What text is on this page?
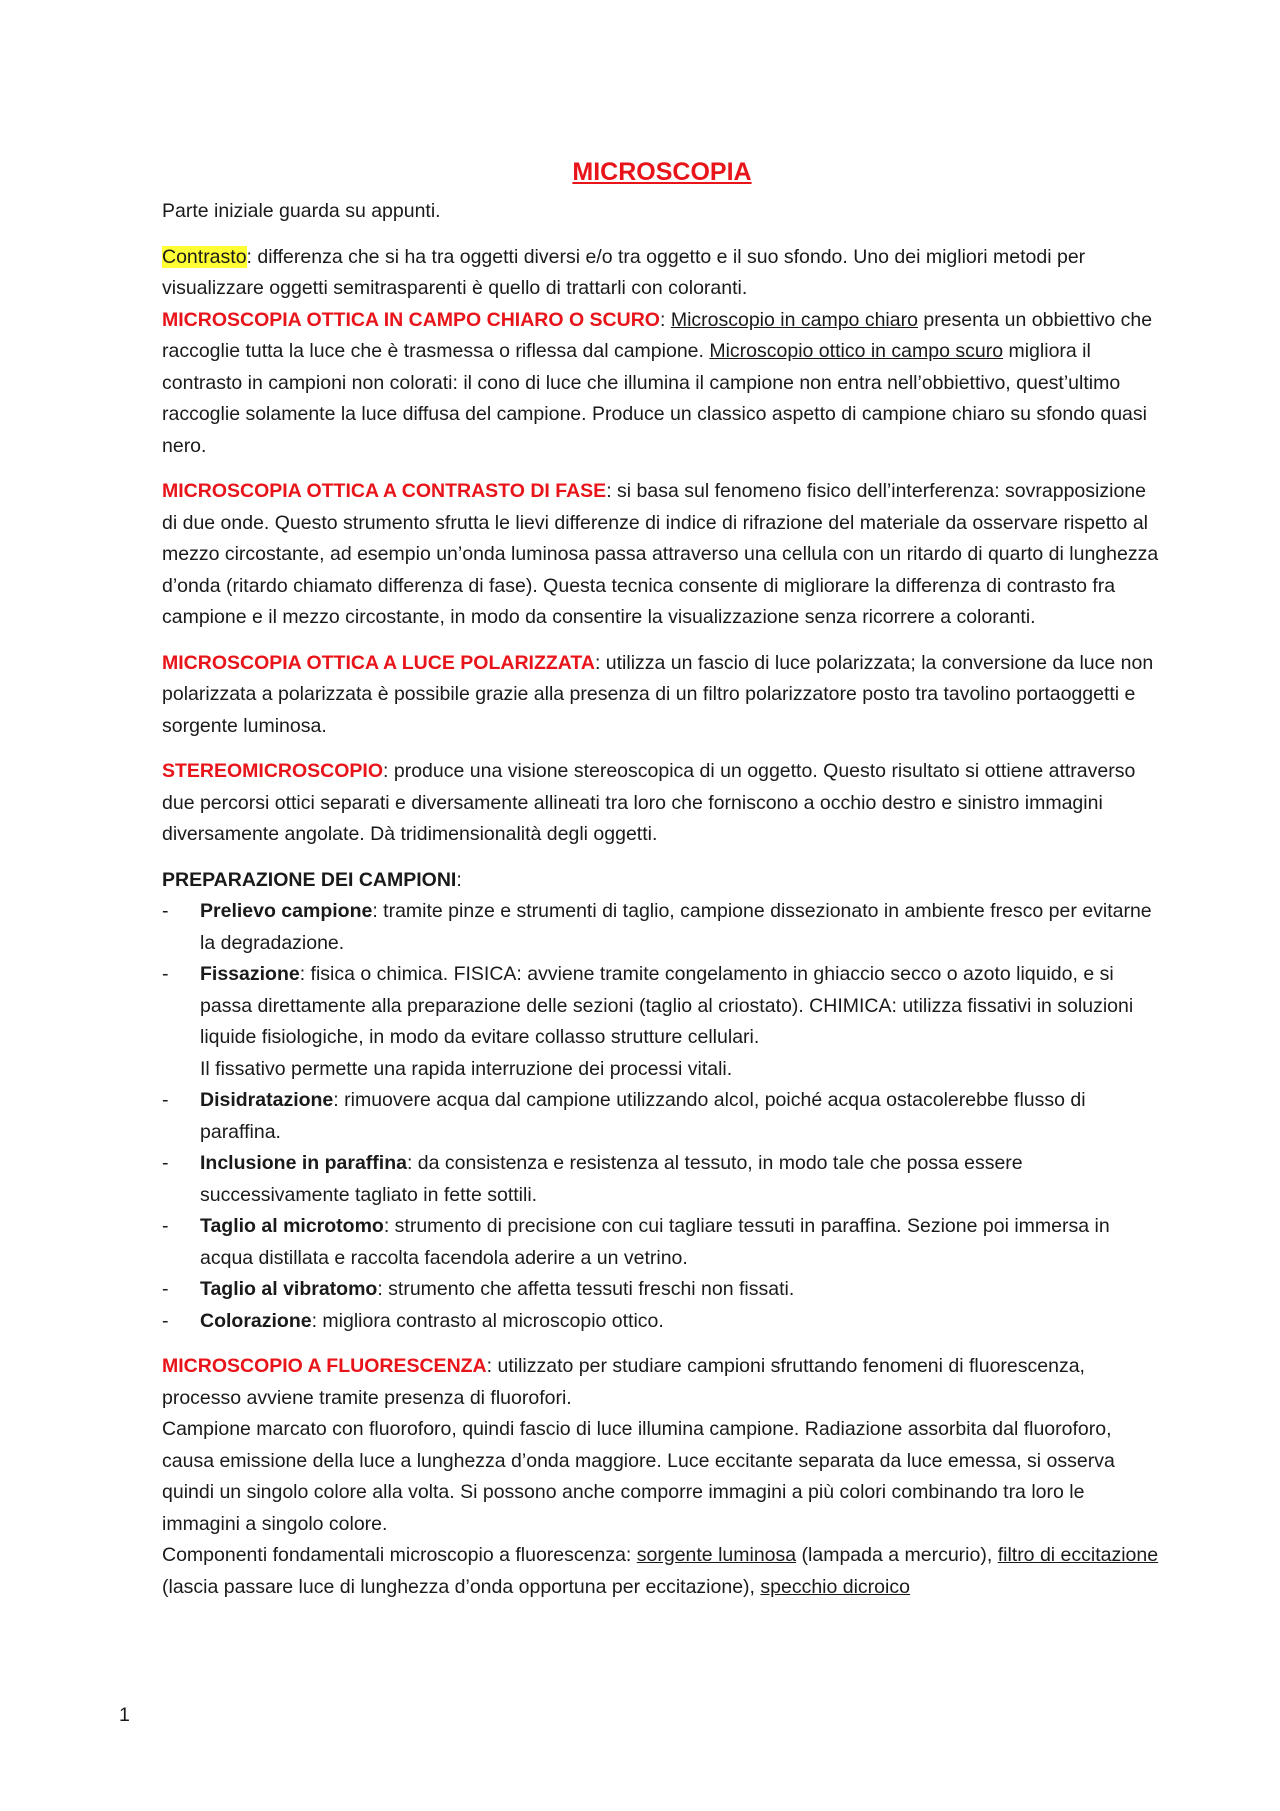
MICROSCOPIA

Parte iniziale guarda su appunti.

Contrasto: differenza che si ha tra oggetti diversi e/o tra oggetto e il suo sfondo. Uno dei migliori metodi per visualizzare oggetti semitrasparenti è quello di trattarli con coloranti.

MICROSCOPIA OTTICA IN CAMPO CHIARO O SCURO: Microscopio in campo chiaro presenta un obbiettivo che raccoglie tutta la luce che è trasmessa o riflessa dal campione. Microscopio ottico in campo scuro migliora il contrasto in campioni non colorati: il cono di luce che illumina il campione non entra nell’obbiettivo, quest’ultimo raccoglie solamente la luce diffusa del campione. Produce un classico aspetto di campione chiaro su sfondo quasi nero.

MICROSCOPIA OTTICA A CONTRASTO DI FASE: si basa sul fenomeno fisico dell’interferenza: sovrapposizione di due onde. Questo strumento sfrutta le lievi differenze di indice di rifrazione del materiale da osservare rispetto al mezzo circostante, ad esempio un’onda luminosa passa attraverso una cellula con un ritardo di quarto di lunghezza d’onda (ritardo chiamato differenza di fase). Questa tecnica consente di migliorare la differenza di contrasto fra campione e il mezzo circostante, in modo da consentire la visualizzazione senza ricorrere a coloranti.

MICROSCOPIA OTTICA A LUCE POLARIZZATA: utilizza un fascio di luce polarizzata; la conversione da luce non polarizzata a polarizzata è possibile grazie alla presenza di un filtro polarizzatore posto tra tavolino portaoggetti e sorgente luminosa.

STEREOMICROSCOPIO: produce una visione stereoscopica di un oggetto. Questo risultato si ottiene attraverso due percorsi ottici separati e diversamente allineati tra loro che forniscono a occhio destro e sinistro immagini diversamente angolate. Dà tridimensionalità degli oggetti.

PREPARAZIONE DEI CAMPIONI:

- Prelievo campione: tramite pinze e strumenti di taglio, campione dissezionato in ambiente fresco per evitarne la degradazione.
- Fissazione: fisica o chimica. FISICA: avviene tramite congelamento in ghiaccio secco o azoto liquido, e si passa direttamente alla preparazione delle sezioni (taglio al criostato). CHIMICA: utilizza fissativi in soluzioni liquide fisiologiche, in modo da evitare collasso strutture cellulari.
Il fissativo permette una rapida interruzione dei processi vitali.
- Disidratazione: rimuovere acqua dal campione utilizzando alcol, poiché acqua ostacolerebbe flusso di paraffina.
- Inclusione in paraffina: da consistenza e resistenza al tessuto, in modo tale che possa essere successivamente tagliato in fette sottili.
- Taglio al microtomo: strumento di precisione con cui tagliare tessuti in paraffina. Sezione poi immersa in acqua distillata e raccolta facendola aderire a un vetrino.
- Taglio al vibratomo: strumento che affetta tessuti freschi non fissati.
- Colorazione: migliora contrasto al microscopio ottico.

MICROSCOPIO A FLUORESCENZA: utilizzato per studiare campioni sfruttando fenomeni di fluorescenza, processo avviene tramite presenza di fluorofori.

Campione marcato con fluoroforo, quindi fascio di luce illumina campione. Radiazione assorbita dal fluoroforo, causa emissione della luce a lunghezza d’onda maggiore. Luce eccitante separata da luce emessa, si osserva quindi un singolo colore alla volta. Si possono anche comporre immagini a più colori combinando tra loro le immagini a singolo colore.

Componenti fondamentali microscopio a fluorescenza: sorgente luminosa (lampada a mercurio), filtro di eccitazione (lascia passare luce di lunghezza d’onda opportuna per eccitazione), specchio dicroico

1
